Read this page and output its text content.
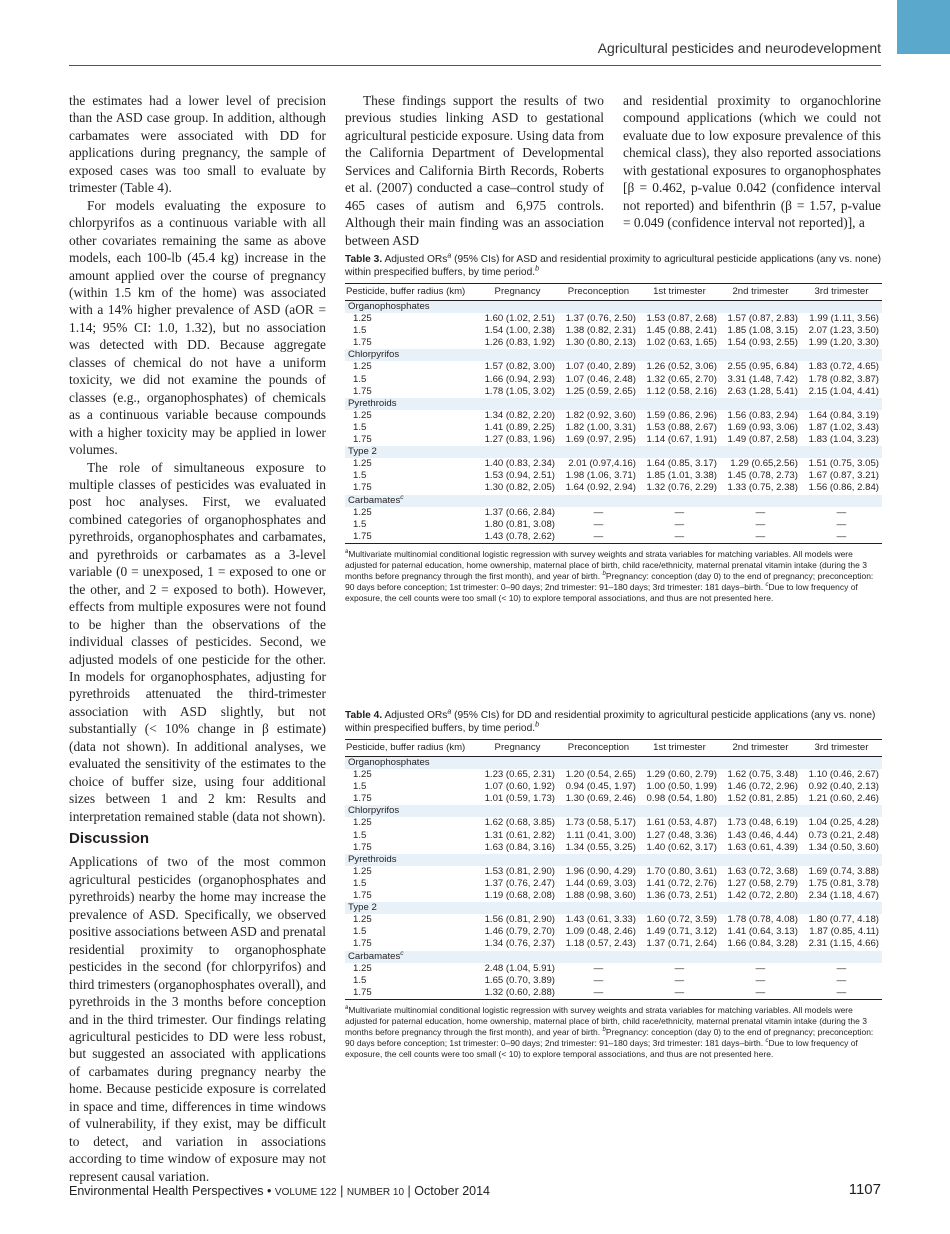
Agricultural pesticides and neurodevelopment

the estimates had a lower level of precision than the ASD case group. In addition, although carbamates were associated with DD for applications during pregnancy, the sample of exposed cases was too small to evaluate by trimester (Table 4).

For models evaluating the exposure to chlorpyrifos as a continuous variable with all other covariates remaining the same as above models, each 100-lb (45.4 kg) increase in the amount applied over the course of pregnancy (within 1.5 km of the home) was associated with a 14% higher prevalence of ASD (aOR = 1.14; 95% CI: 1.0, 1.32), but no association was detected with DD. Because aggregate classes of chemical do not have a uniform toxicity, we did not examine the pounds of classes (e.g., organophosphates) of chemicals as a continuous variable because compounds with a higher toxicity may be applied in lower volumes.

The role of simultaneous exposure to multiple classes of pesticides was evaluated in post hoc analyses. First, we evaluated combined categories of organophosphates and pyrethroids, organophosphates and carbamates, and pyrethroids or carbamates as a 3-level variable (0 = unexposed, 1 = exposed to one or the other, and 2 = exposed to both). However, effects from multiple exposures were not found to be higher than the observations of the individual classes of pesticides. Second, we adjusted models of one pesticide for the other. In models for organophosphates, adjusting for pyrethroids attenuated the third-trimester association with ASD slightly, but not substantially (< 10% change in β estimate) (data not shown). In additional analyses, we evaluated the sensitivity of the estimates to the choice of buffer size, using four additional sizes between 1 and 2 km: Results and interpretation remained stable (data not shown).

Discussion

Applications of two of the most common agricultural pesticides (organophosphates and pyrethroids) nearby the home may increase the prevalence of ASD. Specifically, we observed positive associations between ASD and prenatal residential proximity to organophosphate pesticides in the second (for chlorpyrifos) and third trimesters (organophosphates overall), and pyrethroids in the 3 months before conception and in the third trimester. Our findings relating agricultural pesticides to DD were less robust, but suggested an associated with applications of carbamates during pregnancy nearby the home. Because pesticide exposure is correlated in space and time, differences in time windows of vulnerability, if they exist, may be difficult to detect, and variation in associations according to time window of exposure may not represent causal variation.

These findings support the results of two previous studies linking ASD to gestational agricultural pesticide exposure. Using data from the California Department of Developmental Services and California Birth Records, Roberts et al. (2007) conducted a case–control study of 465 cases of autism and 6,975 controls. Although their main finding was an association between ASD

and residential proximity to organochlorine compound applications (which we could not evaluate due to low exposure prevalence of this chemical class), they also reported associations with gestational exposures to organophosphates [β = 0.462, p-value 0.042 (confidence interval not reported) and bifenthrin (β = 1.57, p-value = 0.049 (confidence interval not reported)], a

Table 3. Adjusted ORs$^a$ (95% CIs) for ASD and residential proximity to agricultural pesticide applications (any vs. none) within prespecified buffers, by time period.$^b$
Pesticide, buffer radius (km)	Pregnancy	Preconception	1st trimester	2nd trimester	3rd trimester
Organophosphates					
1.25	1.60 (1.02, 2.51)	1.37 (0.76, 2.50)	1.53 (0.87, 2.68)	1.57 (0.87, 2.83)	1.99 (1.11, 3.56)
1.5	1.54 (1.00, 2.38)	1.38 (0.82, 2.31)	1.45 (0.88, 2.41)	1.85 (1.08, 3.15)	2.07 (1.23, 3.50)
1.75	1.26 (0.83, 1.92)	1.30 (0.80, 2.13)	1.02 (0.63, 1.65)	1.54 (0.93, 2.55)	1.99 (1.20, 3.30)
Chlorpyrifos					
1.25	1.57 (0.82, 3.00)	1.07 (0.40, 2.89)	1.26 (0.52, 3.06)	2.55 (0.95, 6.84)	1.83 (0.72, 4.65)
1.5	1.66 (0.94, 2.93)	1.07 (0.46, 2.48)	1.32 (0.65, 2.70)	3.31 (1.48, 7.42)	1.78 (0.82, 3.87)
1.75	1.78 (1.05, 3.02)	1.25 (0.59, 2.65)	1.12 (0.58, 2.16)	2.63 (1.28, 5.41)	2.15 (1.04, 4.41)
Pyrethroids					
1.25	1.34 (0.82, 2.20)	1.82 (0.92, 3.60)	1.59 (0.86, 2.96)	1.56 (0.83, 2.94)	1.64 (0.84, 3.19)
1.5	1.41 (0.89, 2.25)	1.82 (1.00, 3.31)	1.53 (0.88, 2.67)	1.69 (0.93, 3.06)	1.87 (1.02, 3.43)
1.75	1.27 (0.83, 1.96)	1.69 (0.97, 2.95)	1.14 (0.67, 1.91)	1.49 (0.87, 2.58)	1.83 (1.04, 3.23)
Type 2					
1.25	1.40 (0.83, 2.34)	2.01 (0.97,4.16)	1.64 (0.85, 3.17)	1.29 (0.65,2.56)	1.51 (0.75, 3.05)
1.5	1.53 (0.94, 2.51)	1.98 (1.06, 3.71)	1.85 (1.01, 3.38)	1.45 (0.78, 2.73)	1.67 (0.87, 3.21)
1.75	1.30 (0.82, 2.05)	1.64 (0.92, 2.94)	1.32 (0.76, 2.29)	1.33 (0.75, 2.38)	1.56 (0.86, 2.84)
Carbamates$^c$
1.25	1.37 (0.66, 2.84)	—	—	—	—
1.5	1.80 (0.81, 3.08)	—	—	—	—
1.75	1.43 (0.78, 2.62)	—	—	—	—
$^a$Multivariate multinomial conditional logistic regression with survey weights and strata variables for matching variables. All models were adjusted for paternal education, home ownership, maternal place of birth, child race/ethnicity, maternal prenatal vitamin intake (during the 3 months before pregnancy through the first month), and year of birth. $^b$Pregnancy: conception (day 0) to the end of pregnancy; preconception: 90 days before conception; 1st trimester: 0–90 days; 2nd trimester: 91–180 days; 3rd trimester: 181 days–birth. $^c$Due to low frequency of exposure, the cell counts were too small (< 10) to explore temporal associations, and thus are not presented here.
Table 4. Adjusted ORs$^a$ (95% CIs) for DD and residential proximity to agricultural pesticide applications (any vs. none) within prespecified buffers, by time period.$^b$
Pesticide, buffer radius (km)	Pregnancy	Preconception	1st trimester	2nd trimester	3rd trimester
Organophosphates					
1.25	1.23 (0.65, 2.31)	1.20 (0.54, 2.65)	1.29 (0.60, 2.79)	1.62 (0.75, 3.48)	1.10 (0.46, 2.67)
1.5	1.07 (0.60, 1.92)	0.94 (0.45, 1.97)	1.00 (0.50, 1.99)	1.46 (0.72, 2.96)	0.92 (0.40, 2.13)
1.75	1.01 (0.59, 1.73)	1.30 (0.69, 2.46)	0.98 (0.54, 1.80)	1.52 (0.81, 2.85)	1.21 (0.60, 2.46)
Chlorpyrifos					
1.25	1.62 (0.68, 3.85)	1.73 (0.58, 5.17)	1.61 (0.53, 4.87)	1.73 (0.48, 6.19)	1.04 (0.25, 4.28)
1.5	1.31 (0.61, 2.82)	1.11 (0.41, 3.00)	1.27 (0.48, 3.36)	1.43 (0.46, 4.44)	0.73 (0.21, 2.48)
1.75	1.63 (0.84, 3.16)	1.34 (0.55, 3.25)	1.40 (0.62, 3.17)	1.63 (0.61, 4.39)	1.34 (0.50, 3.60)
Pyrethroids					
1.25	1.53 (0.81, 2.90)	1.96 (0.90, 4.29)	1.70 (0.80, 3.61)	1.63 (0.72, 3.68)	1.69 (0.74, 3.88)
1.5	1.37 (0.76, 2.47)	1.44 (0.69, 3.03)	1.41 (0.72, 2.76)	1.27 (0.58, 2.79)	1.75 (0.81, 3.78)
1.75	1.19 (0.68, 2.08)	1.88 (0.98, 3.60)	1.36 (0.73, 2.51)	1.42 (0.72, 2.80)	2.34 (1.18, 4.67)
Type 2					
1.25	1.56 (0.81, 2.90)	1.43 (0.61, 3.33)	1.60 (0.72, 3.59)	1.78 (0.78, 4.08)	1.80 (0.77, 4.18)
1.5	1.46 (0.79, 2.70)	1.09 (0.48, 2.46)	1.49 (0.71, 3.12)	1.41 (0.64, 3.13)	1.87 (0.85, 4.11)
1.75	1.34 (0.76, 2.37)	1.18 (0.57, 2.43)	1.37 (0.71, 2.64)	1.66 (0.84, 3.28)	2.31 (1.15, 4.66)
Carbamates$^c$
1.25	2.48 (1.04, 5.91)	—	—	—	—
1.5	1.65 (0.70, 3.89)	—	—	—	—
1.75	1.32 (0.60, 2.88)	—	—	—	—
$^a$Multivariate multinomial conditional logistic regression with survey weights and strata variables for matching variables. All models were adjusted for paternal education, home ownership, maternal place of birth, child race/ethnicity, maternal prenatal vitamin intake (during the 3 months before pregnancy through the first month), and year of birth. $^b$Pregnancy: conception (day 0) to the end of pregnancy; preconception: 90 days before conception; 1st trimester: 0–90 days; 2nd trimester: 91–180 days; 3rd trimester: 181 days–birth. $^c$Due to low frequency of exposure, the cell counts were too small (< 10) to explore temporal associations, and thus are not presented here.
Environmental Health Perspectives • VOLUME 122 | NUMBER 10 | October 2014	1107
